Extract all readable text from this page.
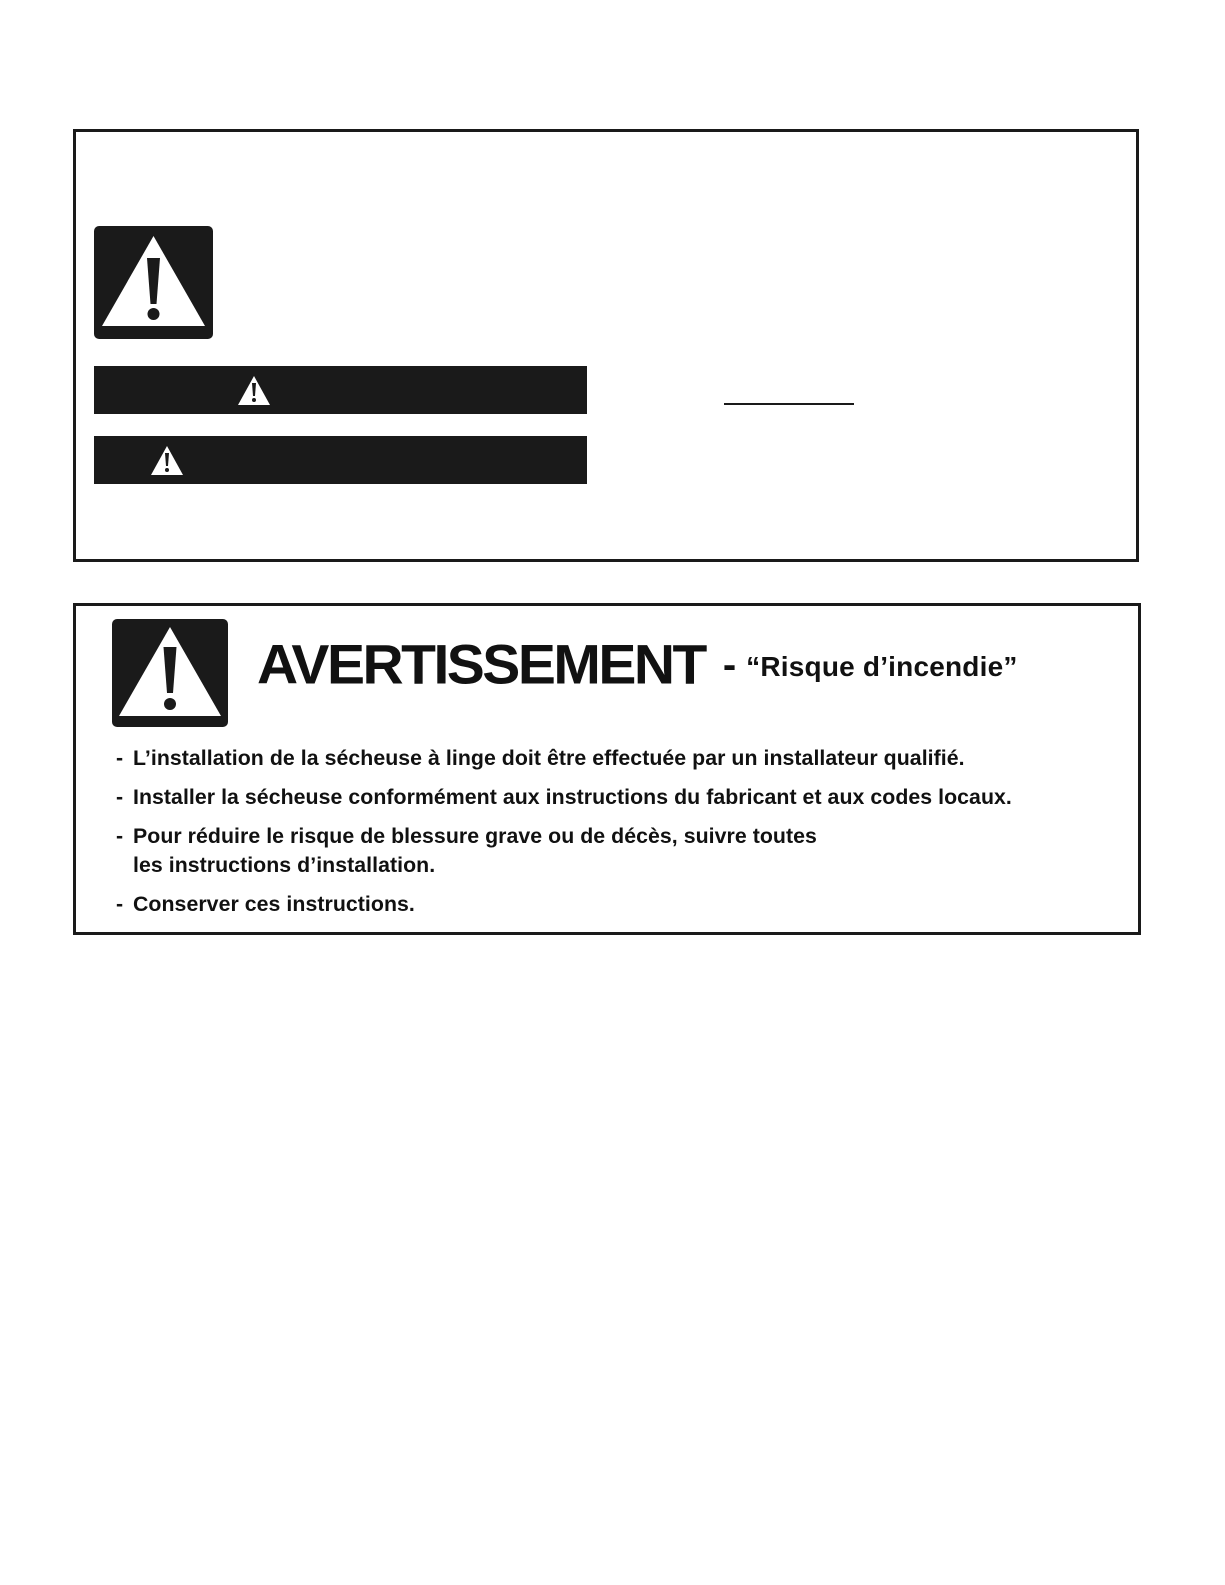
AVERTISSEMENT - “Risque d’incendie”
- L’installation de la sécheuse à linge doit être effectuée par un installateur qualifié.
- Installer la sécheuse conformément aux instructions du fabricant et aux codes locaux.
- Pour réduire le risque de blessure grave ou de décès, suivre toutes
les instructions d’installation.
- Conserver ces instructions.
